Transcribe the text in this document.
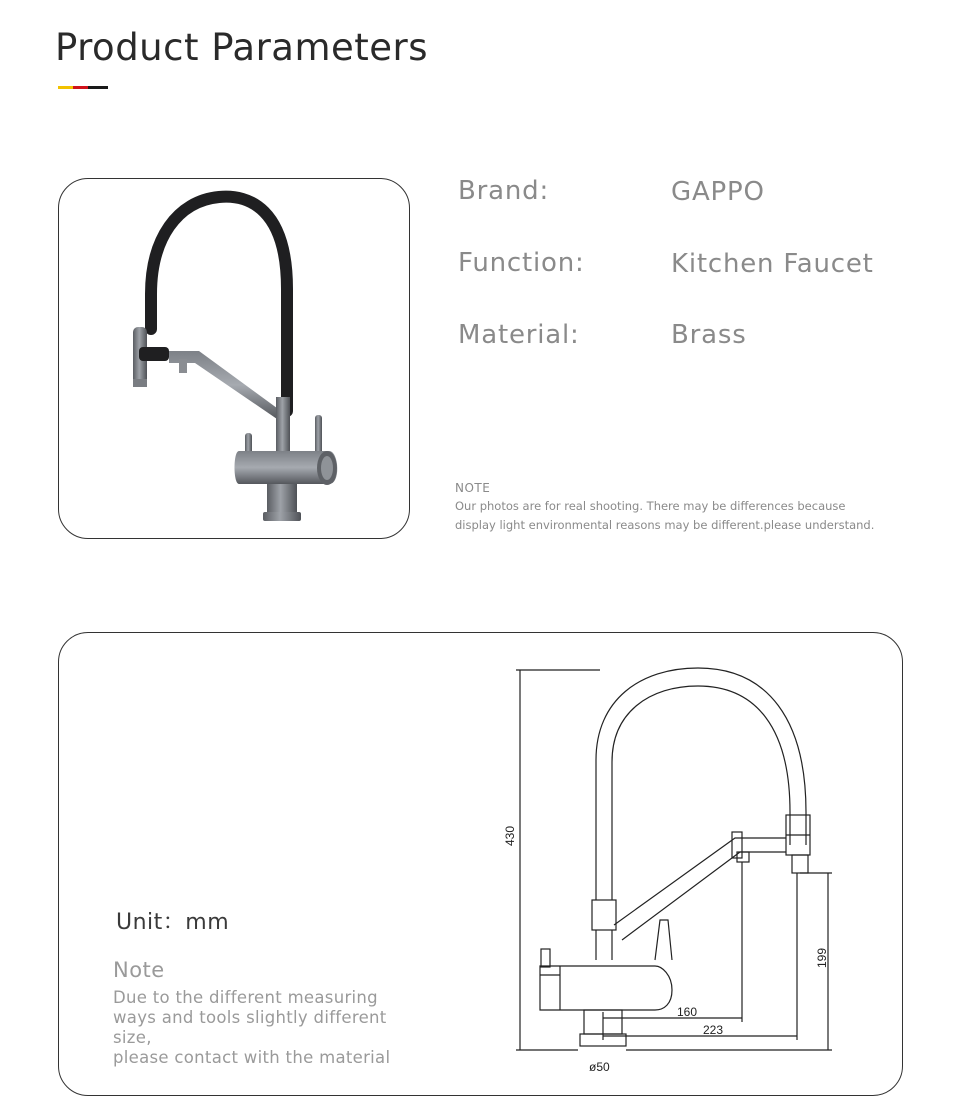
Product Parameters
Brand:	GAPPO
Function:	Kitchen Faucet
Material:	Brass
NOTE
Our photos are for real shooting. There may be differences because
display light environmental reasons may be different.please understand.
Unit：mm
Note
Due to the different measuring
ways and tools slightly different
size,
please contact with the material
430
199
160
223
ø50
